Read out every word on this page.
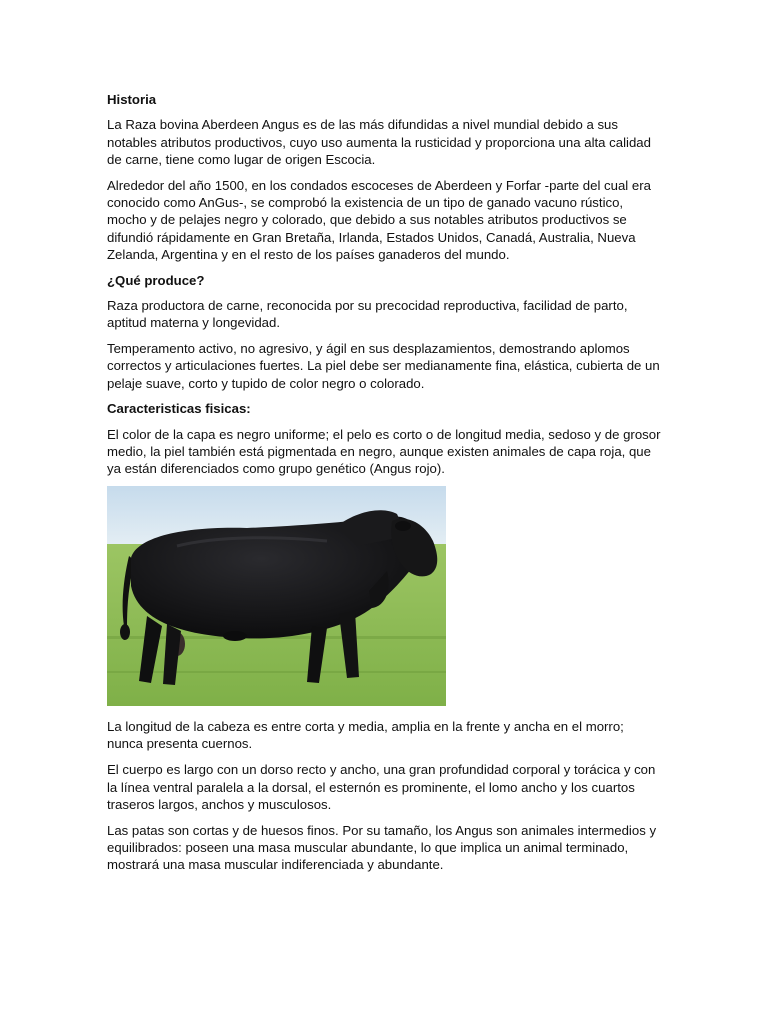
Historia

La Raza bovina Aberdeen Angus es de las más difundidas a nivel mundial debido a sus notables atributos productivos, cuyo uso aumenta la rusticidad y proporciona una alta calidad de carne, tiene como lugar de origen Escocia.

Alrededor del año 1500, en los condados escoceses de Aberdeen y Forfar -parte del cual era conocido como AnGus-, se comprobó la existencia de un tipo de ganado vacuno rústico, mocho y de pelajes negro y colorado, que debido a sus notables atributos productivos se difundió rápidamente en Gran Bretaña, Irlanda, Estados Unidos, Canadá, Australia, Nueva Zelanda, Argentina y en el resto de los países ganaderos del mundo.

¿Qué produce?

Raza productora de carne, reconocida por su precocidad reproductiva, facilidad de parto, aptitud materna y longevidad.

Temperamento activo, no agresivo, y ágil en sus desplazamientos, demostrando aplomos correctos y articulaciones fuertes. La piel debe ser medianamente fina, elástica, cubierta de un pelaje suave, corto y tupido de color negro o colorado.

Caracteristicas fisicas:

El color de la capa es negro uniforme; el pelo es corto o de longitud media, sedoso y de grosor medio, la piel también está pigmentada en negro, aunque existen animales de capa roja, que ya están diferenciados como grupo genético (Angus rojo).

La longitud de la cabeza es entre corta y media, amplia en la frente y ancha en el morro; nunca presenta cuernos.

El cuerpo es largo con un dorso recto y ancho, una gran profundidad corporal y torácica y con la línea ventral paralela a la dorsal, el esternón es prominente, el lomo ancho y los cuartos traseros largos, anchos y musculosos.

Las patas son cortas y de huesos finos. Por su tamaño, los Angus son animales intermedios y equilibrados: poseen una masa muscular abundante, lo que implica un animal terminado, mostrará una masa muscular indiferenciada y abundante.
